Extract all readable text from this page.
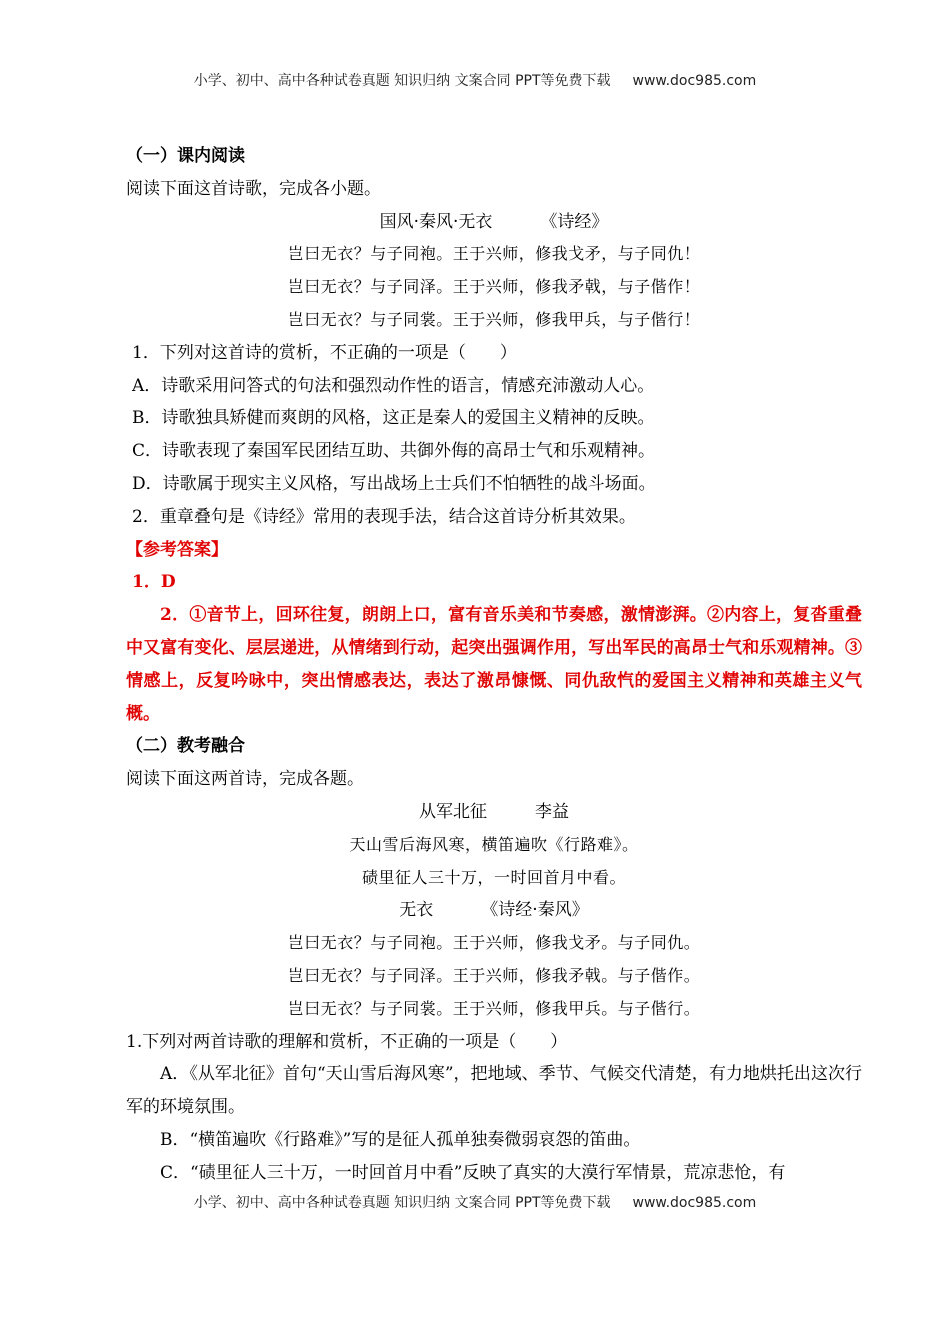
小学、初中、高中各种试卷真题 知识归纳 文案合同 PPT等免费下载 www.doc985.com
（一）课内阅读
阅读下面这首诗歌，完成各小题。
国风·秦风·无衣	《诗经》
岂曰无衣？与子同袍。王于兴师，修我戈矛，与子同仇！
岂曰无衣？与子同泽。王于兴师，修我矛戟，与子偕作！
岂曰无衣？与子同裳。王于兴师，修我甲兵，与子偕行！
1．下列对这首诗的赏析，不正确的一项是（　　）
A．诗歌采用问答式的句法和强烈动作性的语言，情感充沛激动人心。
B．诗歌独具矫健而爽朗的风格，这正是秦人的爱国主义精神的反映。
C．诗歌表现了秦国军民团结互助、共御外侮的高昂士气和乐观精神。
D．诗歌属于现实主义风格，写出战场上士兵们不怕牺牲的战斗场面。
2．重章叠句是《诗经》常用的表现手法，结合这首诗分析其效果。
【参考答案】
1．D
2．①音节上，回环往复，朗朗上口，富有音乐美和节奏感，激情澎湃。②内容上，复沓重叠中又富有变化、层层递进，从情绪到行动，起突出强调作用，写出军民的高昂士气和乐观精神。③情感上，反复吟咏中，突出情感表达，表达了激昂慷慨、同仇敌忾的爱国主义精神和英雄主义气概。
（二）教考融合
阅读下面这两首诗，完成各题。
从军北征	李益
天山雪后海风寒，横笛遍吹《行路难》。
碛里征人三十万，一时回首月中看。
无衣	《诗经·秦风》
岂曰无衣？与子同袍。王于兴师，修我戈矛。与子同仇。
岂曰无衣？与子同泽。王于兴师，修我矛戟。与子偕作。
岂曰无衣？与子同裳。王于兴师，修我甲兵。与子偕行。
1.下列对两首诗歌的理解和赏析，不正确的一项是（　　）
A．《从军北征》首句“天山雪后海风寒”，把地域、季节、气候交代清楚，有力地烘托出这次行军的环境氛围。
B．“横笛遍吹《行路难》”写的是征人孤单独奏微弱哀怨的笛曲。
C．“碛里征人三十万，一时回首月中看”反映了真实的大漠行军情景，荒凉悲怆，有
小学、初中、高中各种试卷真题 知识归纳 文案合同 PPT等免费下载 www.doc985.com
